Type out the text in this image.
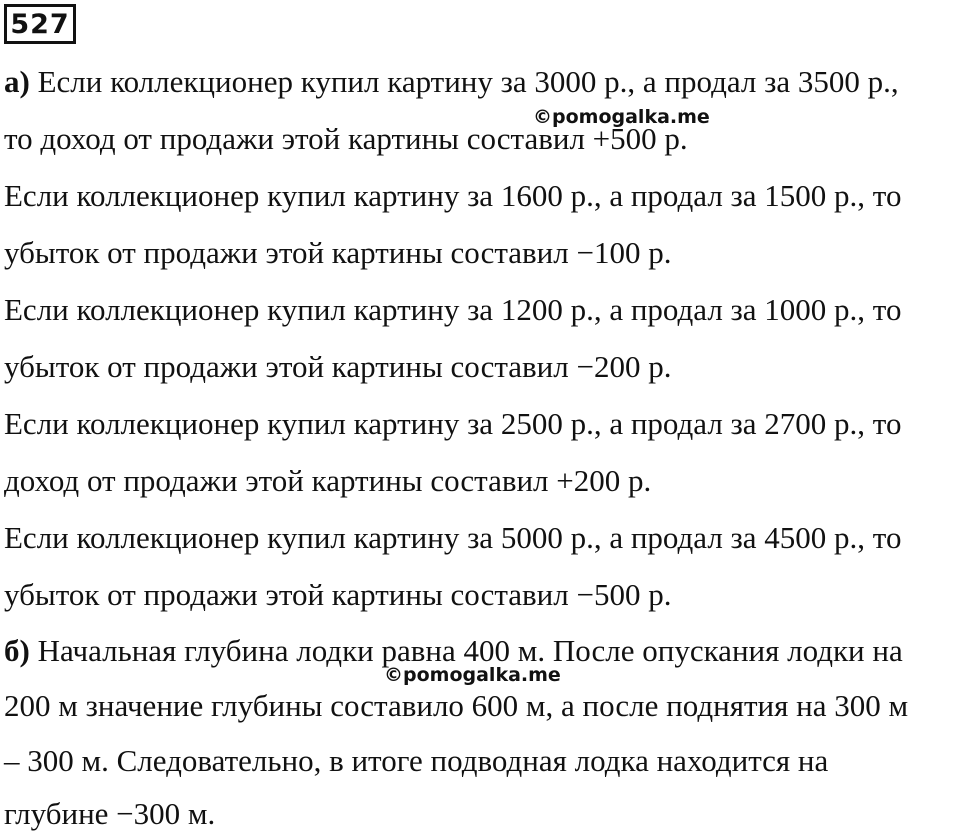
527
а) Если коллекционер купил картину за 3000 р., а продал за 3500 р.,
©pomogalka.me
то доход от продажи этой картины составил +500 р.
Если коллекционер купил картину за 1600 р., а продал за 1500 р., то
убыток от продажи этой картины составил −100 р.
Если коллекционер купил картину за 1200 р., а продал за 1000 р., то
убыток от продажи этой картины составил −200 р.
Если коллекционер купил картину за 2500 р., а продал за 2700 р., то
доход от продажи этой картины составил +200 р.
Если коллекционер купил картину за 5000 р., а продал за 4500 р., то
убыток от продажи этой картины составил −500 р.
б) Начальная глубина лодки равна 400 м. После опускания лодки на
©pomogalka.me
200 м значение глубины составило 600 м, а после поднятия на 300 м
– 300 м. Следовательно, в итоге подводная лодка находится на
глубине −300 м.
